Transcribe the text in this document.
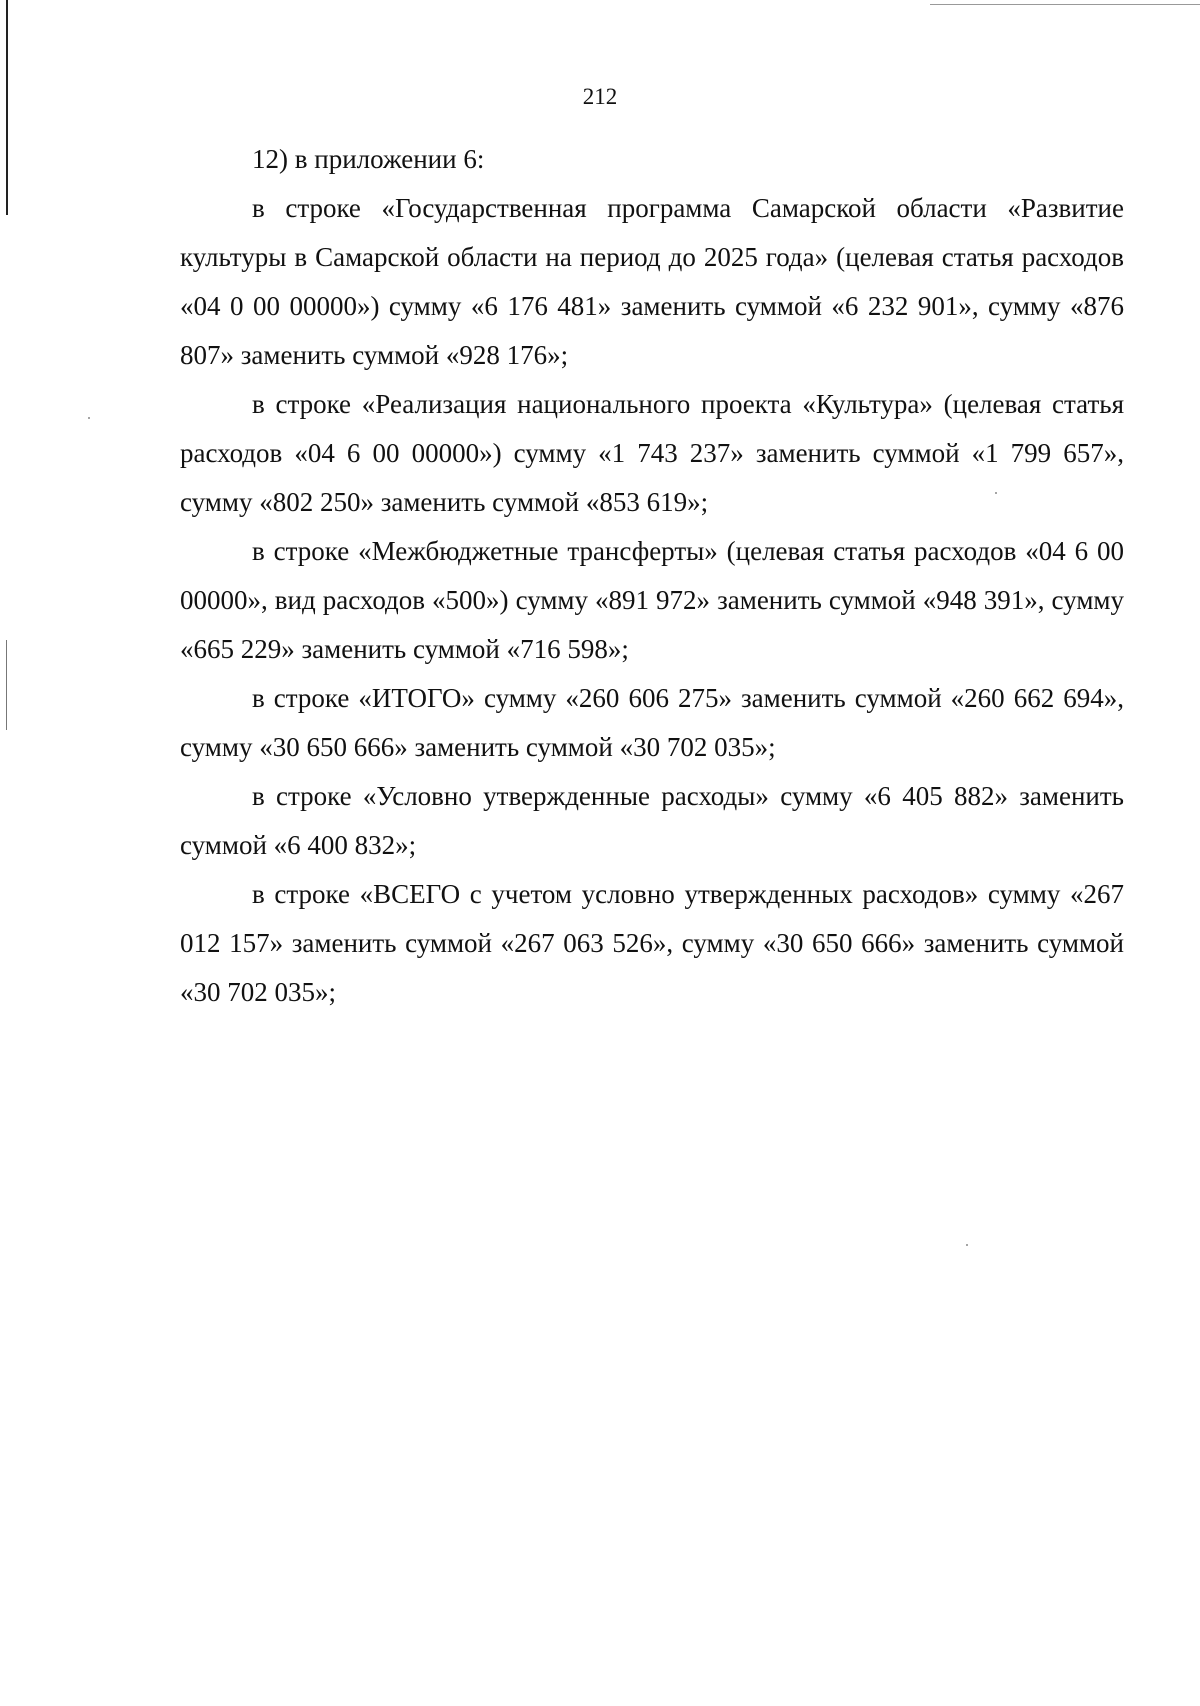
212

12) в приложении 6:

в строке «Государственная программа Самарской области «Развитие культуры в Самарской области на период до 2025 года» (целевая статья расходов «04 0 00 00000») сумму «6 176 481» заменить суммой «6 232 901», сумму «876 807» заменить суммой «928 176»;

в строке «Реализация национального проекта «Культура» (целевая статья расходов «04 6 00 00000») сумму «1 743 237» заменить суммой «1 799 657», сумму «802 250» заменить суммой «853 619»;

в строке «Межбюджетные трансферты» (целевая статья расходов «04 6 00 00000», вид расходов «500») сумму «891 972» заменить суммой «948 391», сумму «665 229» заменить суммой «716 598»;

в строке «ИТОГО» сумму «260 606 275» заменить суммой «260 662 694», сумму «30 650 666» заменить суммой «30 702 035»;

в строке «Условно утвержденные расходы» сумму «6 405 882» заменить суммой «6 400 832»;

в строке «ВСЕГО с учетом условно утвержденных расходов» сумму «267 012 157» заменить суммой «267 063 526», сумму «30 650 666» заменить суммой «30 702 035»;
